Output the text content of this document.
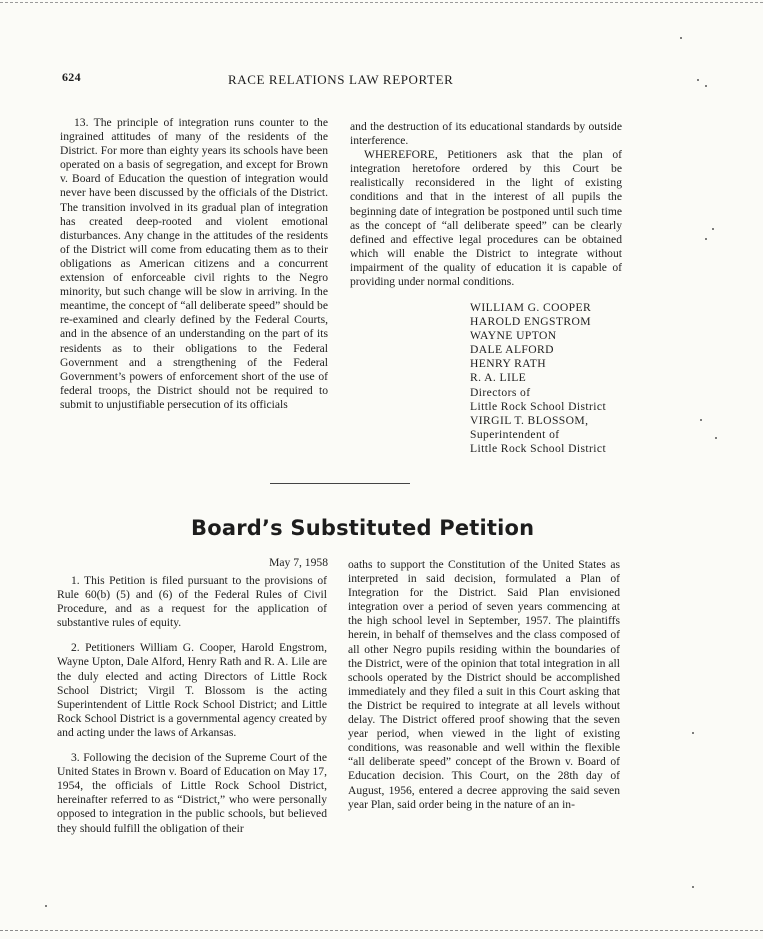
624	RACE RELATIONS LAW REPORTER

13. The principle of integration runs counter to the ingrained attitudes of many of the residents of the District. For more than eighty years its schools have been operated on a basis of segregation, and except for Brown v. Board of Education the question of integration would never have been discussed by the officials of the District. The transition involved in its gradual plan of integration has created deep-rooted and violent emotional disturbances. Any change in the attitudes of the residents of the District will come from educating them as to their obligations as American citizens and a concurrent extension of enforceable civil rights to the Negro minority, but such change will be slow in arriving. In the meantime, the concept of “all deliberate speed” should be re-examined and clearly defined by the Federal Courts, and in the absence of an understanding on the part of its residents as to their obligations to the Federal Government and a strengthening of the Federal Government’s powers of enforcement short of the use of federal troops, the District should not be required to submit to unjustifiable persecution of its officials

and the destruction of its educational standards by outside interference.

WHEREFORE, Petitioners ask that the plan of integration heretofore ordered by this Court be realistically reconsidered in the light of existing conditions and that in the interest of all pupils the beginning date of integration be postponed until such time as the concept of “all deliberate speed” can be clearly defined and effective legal procedures can be obtained which will enable the District to integrate without impairment of the quality of education it is capable of providing under normal conditions.

WILLIAM G. COOPER
HAROLD ENGSTROM
WAYNE UPTON
DALE ALFORD
HENRY RATH
R. A. LILE
Directors of
Little Rock School District
VIRGIL T. BLOSSOM,
Superintendent of
Little Rock School District
Board’s Substituted Petition
May 7, 1958

1. This Petition is filed pursuant to the provisions of Rule 60(b) (5) and (6) of the Federal Rules of Civil Procedure, and as a request for the application of substantive rules of equity.

2. Petitioners William G. Cooper, Harold Engstrom, Wayne Upton, Dale Alford, Henry Rath and R. A. Lile are the duly elected and acting Directors of Little Rock School District; Virgil T. Blossom is the acting Superintendent of Little Rock School District; and Little Rock School District is a governmental agency created by and acting under the laws of Arkansas.

3. Following the decision of the Supreme Court of the United States in Brown v. Board of Education on May 17, 1954, the officials of Little Rock School District, hereinafter referred to as “District,” who were personally opposed to integration in the public schools, but believed they should fulfill the obligation of their

oaths to support the Constitution of the United States as interpreted in said decision, formulated a Plan of Integration for the District. Said Plan envisioned integration over a period of seven years commencing at the high school level in September, 1957. The plaintiffs herein, in behalf of themselves and the class composed of all other Negro pupils residing within the boundaries of the District, were of the opinion that total integration in all schools operated by the District should be accomplished immediately and they filed a suit in this Court asking that the District be required to integrate at all levels without delay. The District offered proof showing that the seven year period, when viewed in the light of existing conditions, was reasonable and well within the flexible “all deliberate speed” concept of the Brown v. Board of Education decision. This Court, on the 28th day of August, 1956, entered a decree approving the said seven year Plan, said order being in the nature of an in-
